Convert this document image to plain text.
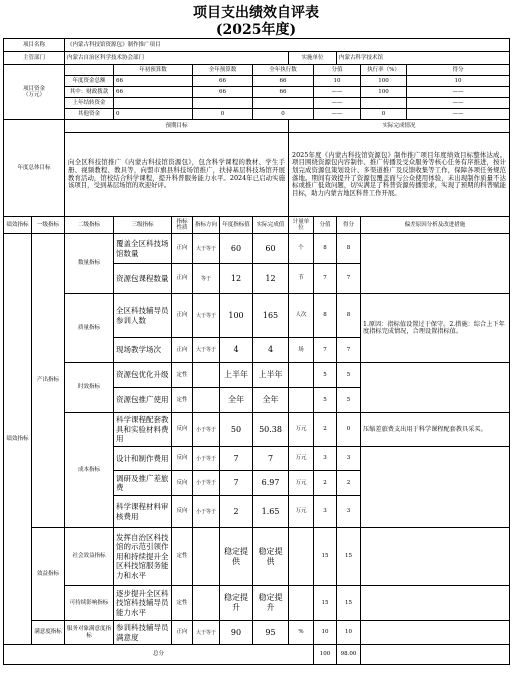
项目支出绩效自评表
(2025年度)
项目名称		《内蒙古科技馆资源包》制作推广项目										
主管部门		内蒙古自治区科学技术协会部门						实施单位		内蒙古科学技术馆		
项目资金
（万元）			年初预算数		全年预算数		全年执行数		分值		执行率（%）	得分
		年度资金总额	66		66		66		10		100	10
		其中：财政拨款	66		66		66		——		100	——
		上年结转资金							——			——
		其他资金	0		0		0		——		0	——
年度总体目标		预期目标						实际完成情况				
		向全区科技馆推广《内蒙古科技馆资源包》，包含科学课程的教材、学生手册、视频教程、教具等，向盟市旗县科技场馆推广，扶持基层科技场馆开展教育活动，馆校结合科学课程，提升科普服务能力水平。2024年已启动实施该项目，受到基层场馆的欢迎好评。						2025年度《内蒙古科技馆资源包》制作推广项目年度绩效目标整体达成。项目围绕资源包内容制作、推广传播及受众服务等核心任务有序推进，按计划完成资源包策划设计、多渠道推广及反馈收集等工作，保障各项任务规范落地。期间有效提升了资源包覆盖面与公众使用体验，未出现制作质量不达标或推广低效问题，切实满足了科普资源传播需求，实现了预期的科普赋能目标，助力内蒙古地区科普工作开展。				
绩效指标	一级指标	二级指标	三级指标	指标性质	指标方向	年度指标值	实际完成值	计量单位	分值	得分	偏差原因分析及改进措施	
绩效指标	产出指标	数量指标	覆盖全区科技场馆数量	正向	大于等于	60	60	个	8	8		
			资源包课程数量	正向	等于	12	12	节	7	7		
		质量指标	全区科技辅导员参训人数	正向	大于等于	100	165	人次	8	8	1.原因：指标值设置过于保守。2.措施：综合上下年度指标完成情况，合理设置指标值。	
			现场教学场次	正向	大于等于	4	4	场	7	7		
		时效指标	资源包优化升级	定性		上半年	上半年		5	5		
			资源包推广使用	定性		全年	全年		5	5		
		成本指标	科学课程配套教具和实验材料费用	反向	小于等于	50	50.38	万元	2	0	压缩差旅费支出用于科学课程配套教具采买。	
			设计和制作费用	反向	小于等于	7	7	万元	3	3		
			调研及推广差旅费	反向	小于等于	7	6.97	万元	2	2		
			科学课程材料审核费用	反向	小于等于	2	1.65	万元	3	3		
	效益指标	社会效益指标	发挥自治区科技馆的示范引领作用和持续提升全区科技馆服务能力和水平	定性		稳定提供	稳定提供		15	15		
		可持续影响指标	逐步提升全区科技馆科技辅导员能力水平	定性		稳定提升	稳定提升		15	15		
	满意度指标	服务对象满意度指标	参训科技辅导员满意度	正向	大于等于	90	95	%	10	10		
总分									100	98.00		
